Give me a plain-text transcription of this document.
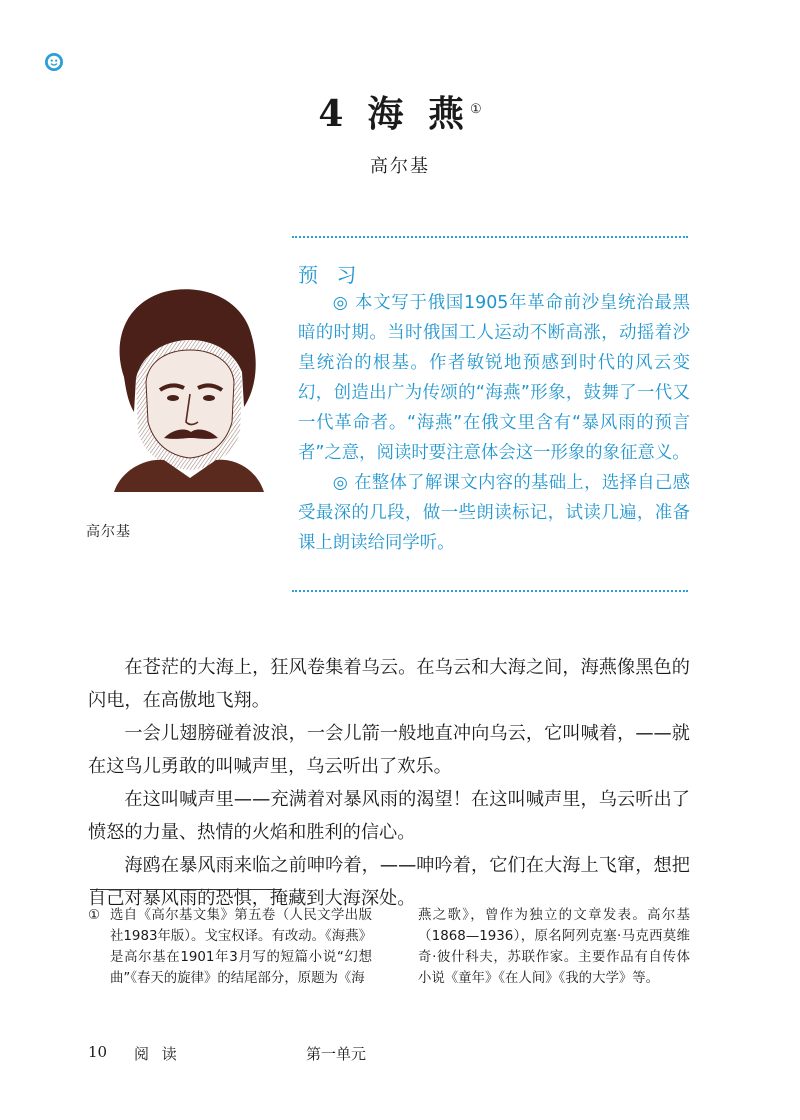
4 海 燕①
高尔基
预 习

◎ 本文写于俄国1905年革命前沙皇统治最黑暗的时期。当时俄国工人运动不断高涨，动摇着沙皇统治的根基。作者敏锐地预感到时代的风云变幻，创造出广为传颂的“海燕”形象，鼓舞了一代又一代革命者。“海燕”在俄文里含有“暴风雨的预言者”之意，阅读时要注意体会这一形象的象征意义。

◎ 在整体了解课文内容的基础上，选择自己感受最深的几段，做一些朗读标记，试读几遍，准备课上朗读给同学听。

高尔基

在苍茫的大海上，狂风卷集着乌云。在乌云和大海之间，海燕像黑色的闪电，在高傲地飞翔。

一会儿翅膀碰着波浪，一会儿箭一般地直冲向乌云，它叫喊着，——就在这鸟儿勇敢的叫喊声里，乌云听出了欢乐。

在这叫喊声里——充满着对暴风雨的渴望！在这叫喊声里，乌云听出了愤怒的力量、热情的火焰和胜利的信心。

海鸥在暴风雨来临之前呻吟着，——呻吟着，它们在大海上飞窜，想把自己对暴风雨的恐惧，掩藏到大海深处。

① 选自《高尔基文集》第五卷（人民文学出版社1983年版）。戈宝权译。有改动。《海燕》是高尔基在1901年3月写的短篇小说“幻想曲”《春天的旋律》的结尾部分，原题为《海
燕之歌》，曾作为独立的文章发表。高尔基（1868—1936），原名阿列克塞·马克西莫维奇·彼什科夫，苏联作家。主要作品有自传体小说《童年》《在人间》《我的大学》等。
10 阅 读	第一单元
